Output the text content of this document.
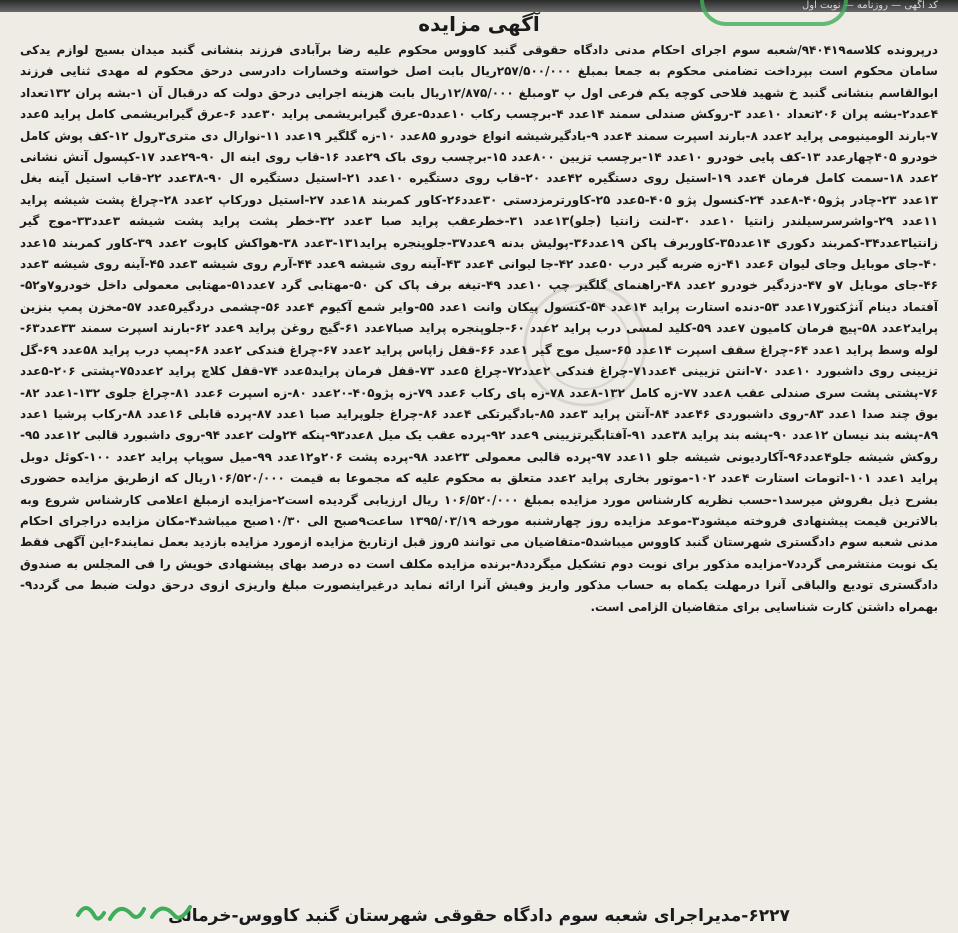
کد آگهی — روزنامه — نوبت اول
آگهی مزایده

درپرونده کلاسه۹۴۰۴۱۹/شعبه سوم اجرای احکام مدنی دادگاه حقوقی گنبد کاووس محکوم علیه رضا برآبادی فرزند بنشانی گنبد میدان بسیج لوازم یدکی سامان محکوم است بپرداخت تضامنی محکوم به جمعا بمبلغ ۲۵۷/۵۰۰/۰۰۰ریال بابت اصل خواسته وخسارات دادرسی درحق محکوم له مهدی ثنایی فرزند ابوالقاسم بنشانی گنبد خ شهید فلاحی کوچه یکم فرعی اول پ ۳ومبلغ ۱۲/۸۷۵/۰۰۰ریال بابت هزینه اجرایی درحق دولت که درقبال آن ۱-بشه پران ۱۳۲تعداد ۴عدد۲-بشه پران ۲۰۶تعداد ۱۰عدد ۳-روکش صندلی سمند ۱۴عدد ۴-برچسب رکاب ۱۰عدد۵-عرق گیرابریشمی پراید ۳۰عدد ۶-عرق گیرابریشمی کامل پراید ۵عدد ۷-بارند الومینیومی پراید ۲عدد ۸-بارند اسپرت سمند ۴عدد ۹-بادگیرشیشه انواع خودرو ۸۵عدد ۱۰-زه گلگیر ۱۹عدد ۱۱-نوارال دی متری۳رول ۱۲-کف پوش کامل خودرو ۴۰۵چهارعدد ۱۳-کف پایی خودرو ۱۰عدد ۱۴-برچسب تزیین ۸۰۰عدد ۱۵-برچسب روی باک ۲۹عدد ۱۶-قاب روی اینه ال ۹۰-۲۹عدد ۱۷-کپسول آتش نشانی ۲عدد ۱۸-سمت کامل فرمان ۴عدد ۱۹-استیل روی دستگیره ۴۲عدد ۲۰-قاب روی دستگیره ۱۰عدد ۲۱-استیل دستگیره ال ۹۰-۳۸عدد ۲۲-قاب استیل آینه بغل ۱۳عدد ۲۳-چادر پژو۴۰۵-۸عدد ۲۴-کنسول پژو ۴۰۵-۵عدد ۲۵-کاورترمزدستی ۳۰عدد۲۶-کاور کمربند ۱۸عدد ۲۷-استیل دورکاپ ۲عدد ۲۸-چراغ پشت شیشه پراید ۱۱عدد ۲۹-واشرسرسیلندر زانتیا ۱۰عدد ۳۰-لنت زانتیا (جلو)۱۳عدد ۳۱-خطرعقب پراید صبا ۳عدد ۳۲-خطر پشت پراید پشت شیشه ۳عدد۳۳-موج گیر زانتیا۳عدد۳۴-کمربند دکوری ۱۴عدد۳۵-کاوربرف پاکن ۱۹عدد۳۶-پولیش بدنه ۹عدد۳۷-جلوپنجره پراید۱۳۱-۳عدد ۳۸-هواکش کاپوت ۲عدد ۳۹-کاور کمربند ۱۵عدد ۴۰-جای موبایل وجای لیوان ۶عدد ۴۱-زه ضربه گیر درب ۵۰عدد ۴۲-جا لیوانی ۴عدد ۴۳-آینه روی شیشه ۹عدد ۴۴-آرم روی شیشه ۳عدد ۴۵-آینه روی شیشه ۳عدد ۴۶-جای موبایل ۷و ۴۷-دزدگیر خودرو ۲عدد ۴۸-راهنمای گلگیر چپ ۱۰عدد ۴۹-تیغه برف پاک کن ۵۰-مهتابی گرد ۷عدد۵۱-مهتابی معمولی داخل خودرو۷و۵۲-آفتماد دینام آنژکتور۱۷عدد ۵۳-دنده استارت پراید ۱۴عدد ۵۴-کنسول پیکان وانت ۱عدد ۵۵-وایر شمع آکیوم ۴عدد ۵۶-چشمی دردگیر۵عدد ۵۷-مخزن پمپ بنزین پراید۲عدد ۵۸-پیچ فرمان کامیون ۷عدد ۵۹-کلید لمسی درب پراید ۲عدد ۶۰-جلوپنجره پراید صبا۷عدد ۶۱-گیج روغن پراید ۹عدد ۶۲-بارند اسپرت سمند ۳۳عدد۶۳-لوله وسط پراید ۱عدد ۶۴-چراغ سقف اسپرت ۱۴عدد ۶۵-سیل موج گیر ۱عدد ۶۶-قفل زاپاس پراید ۲عدد ۶۷-چراغ فندکی ۲عدد ۶۸-پمپ درب پراید ۵۸عدد ۶۹-گل تزیینی روی داشبورد ۱۰عدد ۷۰-انتن تزیینی ۴عدد۷۱-چراغ فندکی ۲عدد۷۲-چراغ ۵عدد ۷۳-قفل فرمان پراید۵عدد ۷۴-قفل کلاچ پراید ۲عدد۷۵-پشتی ۲۰۶-۵عدد ۷۶-پشتی پشت سری صندلی عقب ۸عدد ۷۷-زه کامل ۱۳۲-۸عدد ۷۸-زه پای رکاب ۶عدد ۷۹-زه پژو۴۰۵-۲۰عدد ۸۰-زه اسپرت ۶عدد ۸۱-چراغ جلوی ۱۳۲-۱عدد ۸۲-بوق چند صدا ۱عدد ۸۳-روی داشبوردی ۴۶عدد ۸۴-آنتن پراید ۳عدد ۸۵-بادگیرتکی ۴عدد ۸۶-چراغ جلوپراید صبا ۱عدد ۸۷-پرده قابلی ۱۶عدد ۸۸-رکاب پرشیا ۱عدد ۸۹-پشه بند نیسان ۱۲عدد ۹۰-پشه بند پراید ۳۸عدد ۹۱-آفتابگیرتزیینی ۹عدد ۹۲-پرده عقب یک میل ۸عدد۹۳-پنکه ۲۴ولت ۲عدد ۹۴-روی داشبورد قالبی ۱۲عدد ۹۵-روکش شیشه جلو۴عدد۹۶-آکاردیونی شیشه جلو ۱۱عدد ۹۷-پرده قالبی معمولی ۲۳عدد ۹۸-پرده پشت ۲۰۶و۱۲عدد ۹۹-میل سوپاپ پراید ۲عدد ۱۰۰-کوئل دوبل پراید ۱عدد ۱۰۱-اتومات استارت ۴عدد ۱۰۲-موتور بخاری پراید ۲عدد متعلق به محکوم علیه که مجموعا به قیمت ۱۰۶/۵۲۰/۰۰۰ریال که ازطریق مزایده حضوری بشرح ذیل بفروش میرسد۱-حسب نظریه کارشناس مورد مزایده بمبلغ ۱۰۶/۵۲۰/۰۰۰ ریال ارزیابی گردیده است۲-مزایده ازمبلغ اعلامی کارشناس شروع وبه بالاترین قیمت پیشنهادی فروخته میشود۳-موعد مزایده روز چهارشنبه مورخه ۱۳۹۵/۰۳/۱۹ ساعت۹صبح الی ۱۰/۳۰صبح میباشد۴-مکان مزایده دراجرای احکام مدنی شعبه سوم دادگستری شهرستان گنبد کاووس میباشد۵-متقاضیان می توانند ۵روز قبل ازتاریخ مزایده ازمورد مزایده بازدید بعمل نمایند۶-این آگهی فقط یک نوبت منتشرمی گردد۷-مزایده مذکور برای نوبت دوم تشکیل میگردد۸-برنده مزایده مکلف است ده درصد بهای پیشنهادی خویش را فی المجلس به صندوق دادگستری تودیع والباقی آنرا درمهلت یکماه به حساب مذکور واریز وفیش آنرا ارائه نماید درغیراینصورت مبلغ واریزی ازوی درحق دولت ضبط می گردد۹-بهمراه داشتن کارت شناسایی برای متقاضیان الزامی است.

۶۲۲۷-مدیراجرای شعبه سوم دادگاه حقوقی شهرستان گنبد کاووس-خرمالی
